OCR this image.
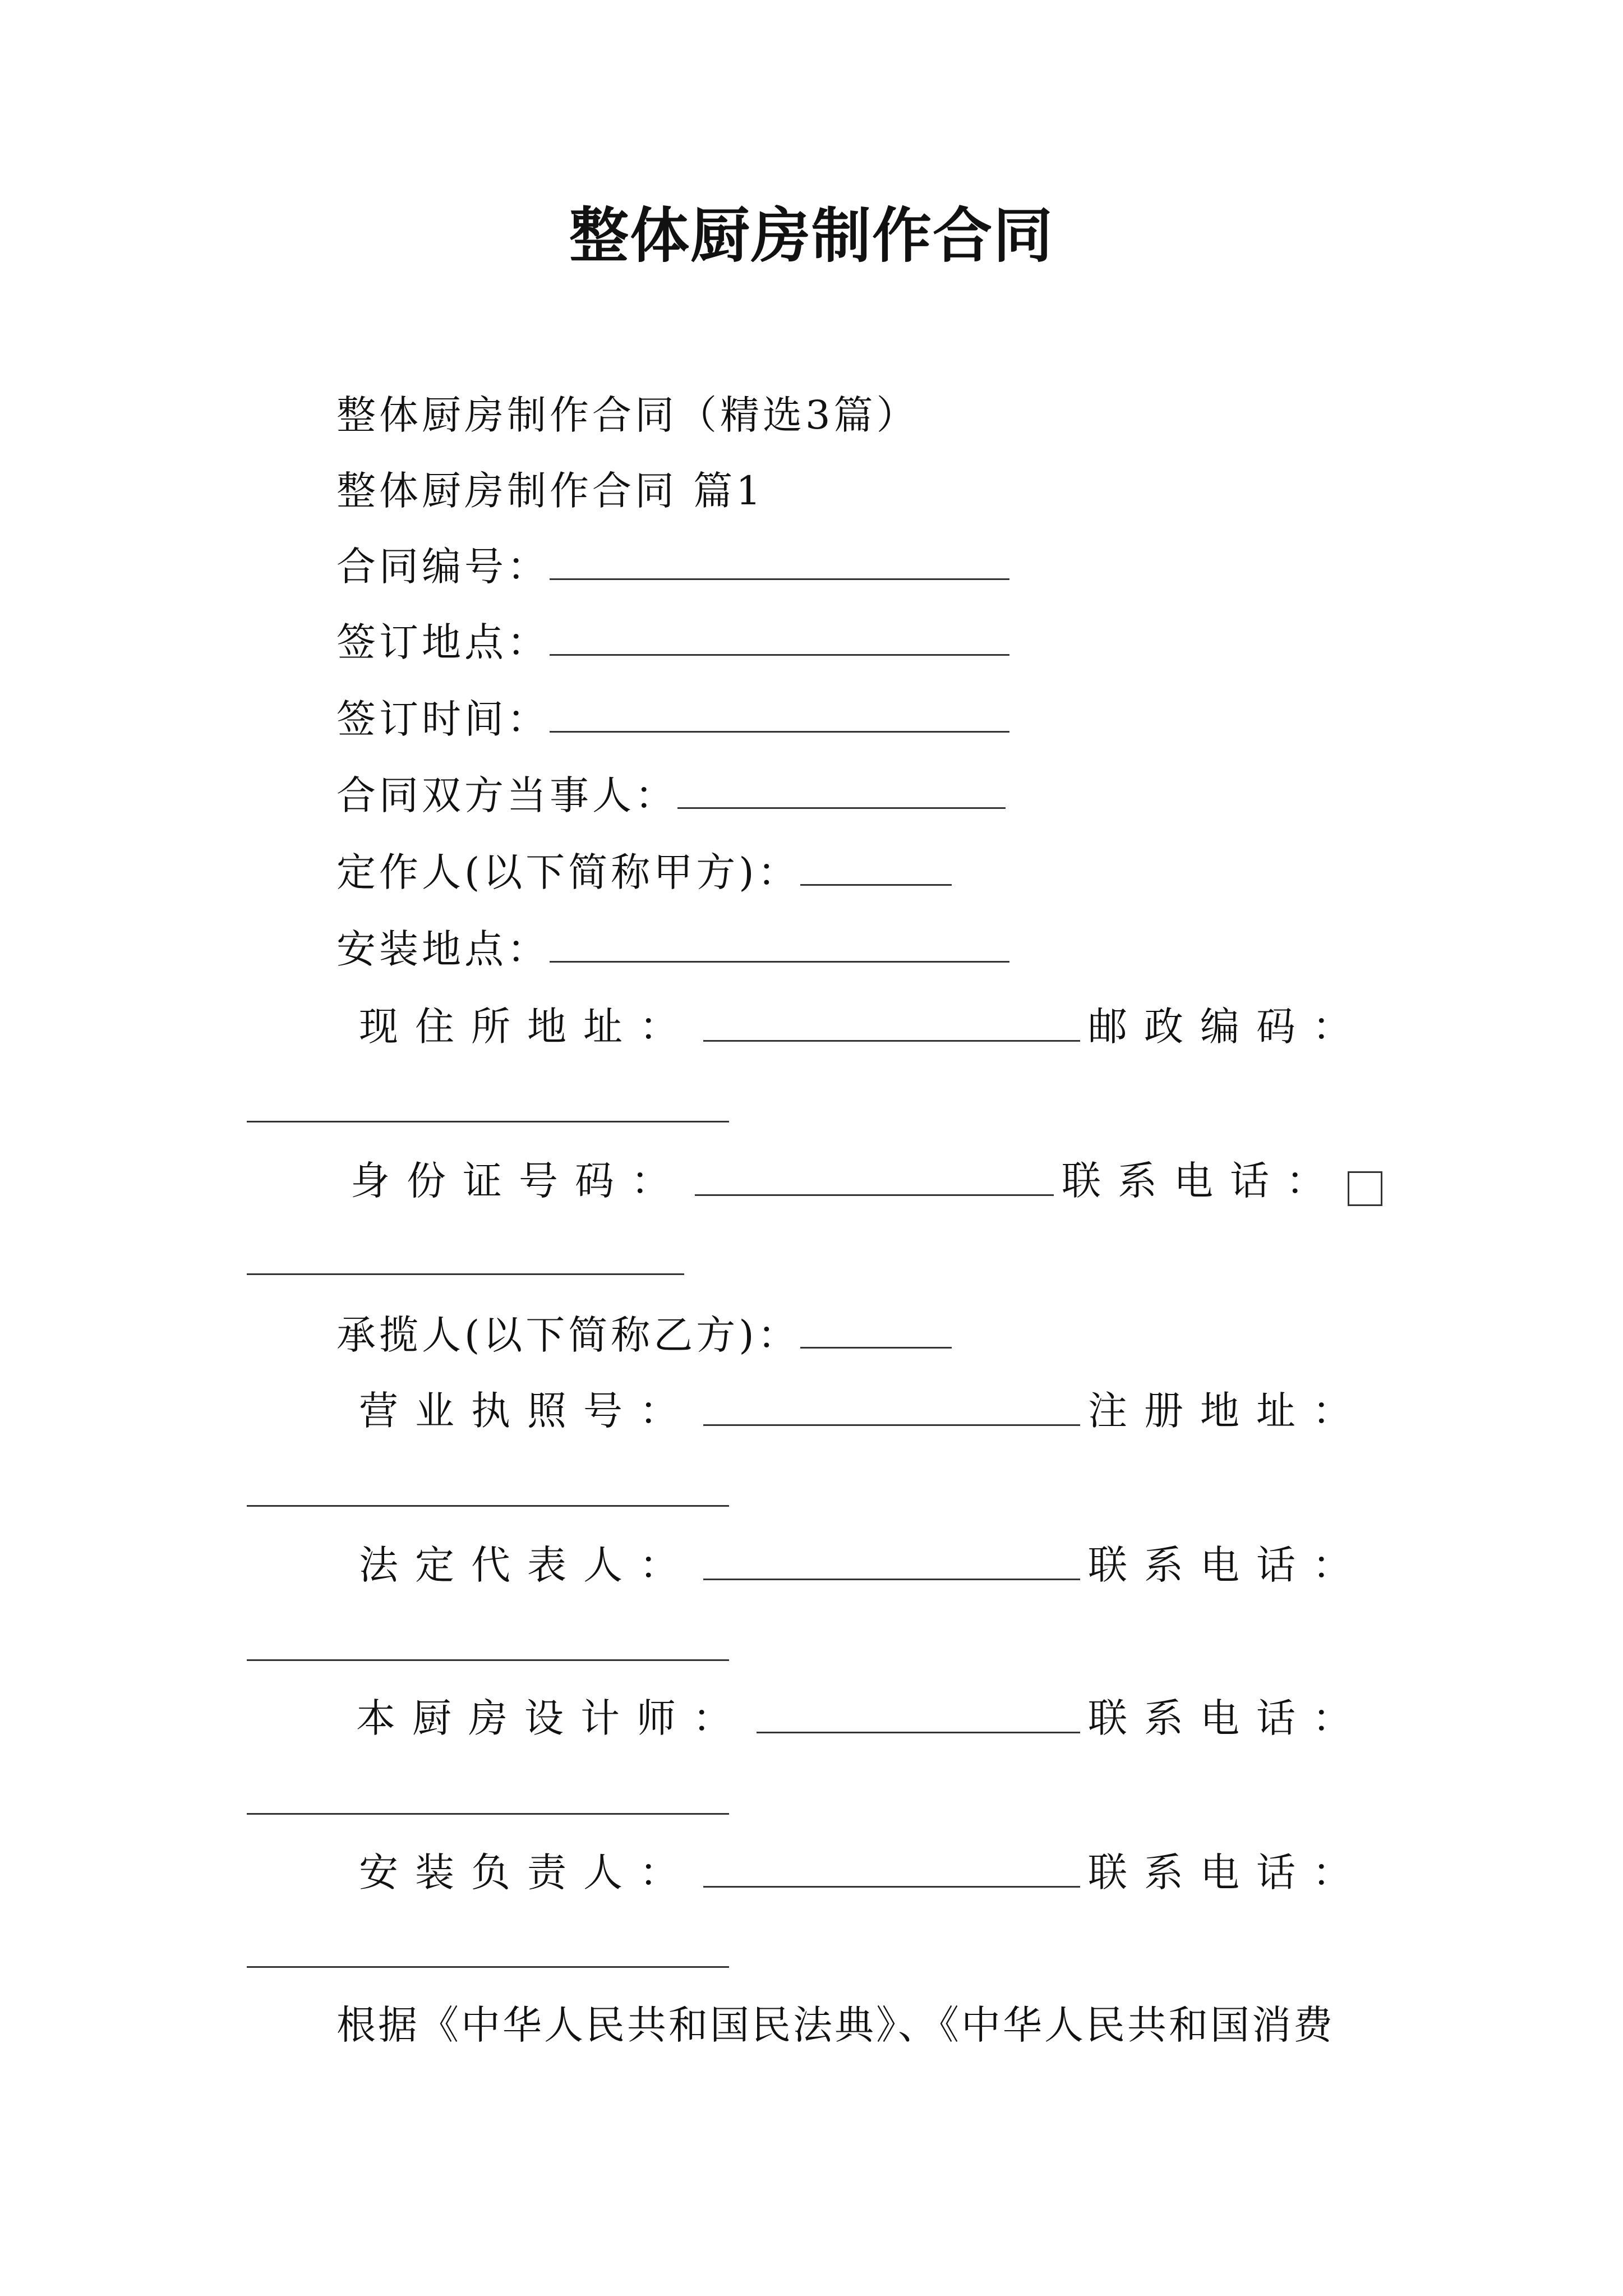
整体厨房制作合同
整体厨房制作合同（精选3篇）
整体厨房制作合同 篇1
合同编号：
签订地点：
签订时间：
合同双方当事人：
定作人(以下简称甲方)：
安装地点：
现住所地址：	邮政编码：
身份证号码：	联系电话：
承揽人(以下简称乙方)：
营业执照号：	注册地址：
法定代表人：	联系电话：
本厨房设计师：	联系电话：
安装负责人：	联系电话：
根据《中华人民共和国民法典》、《中华人民共和国消费
